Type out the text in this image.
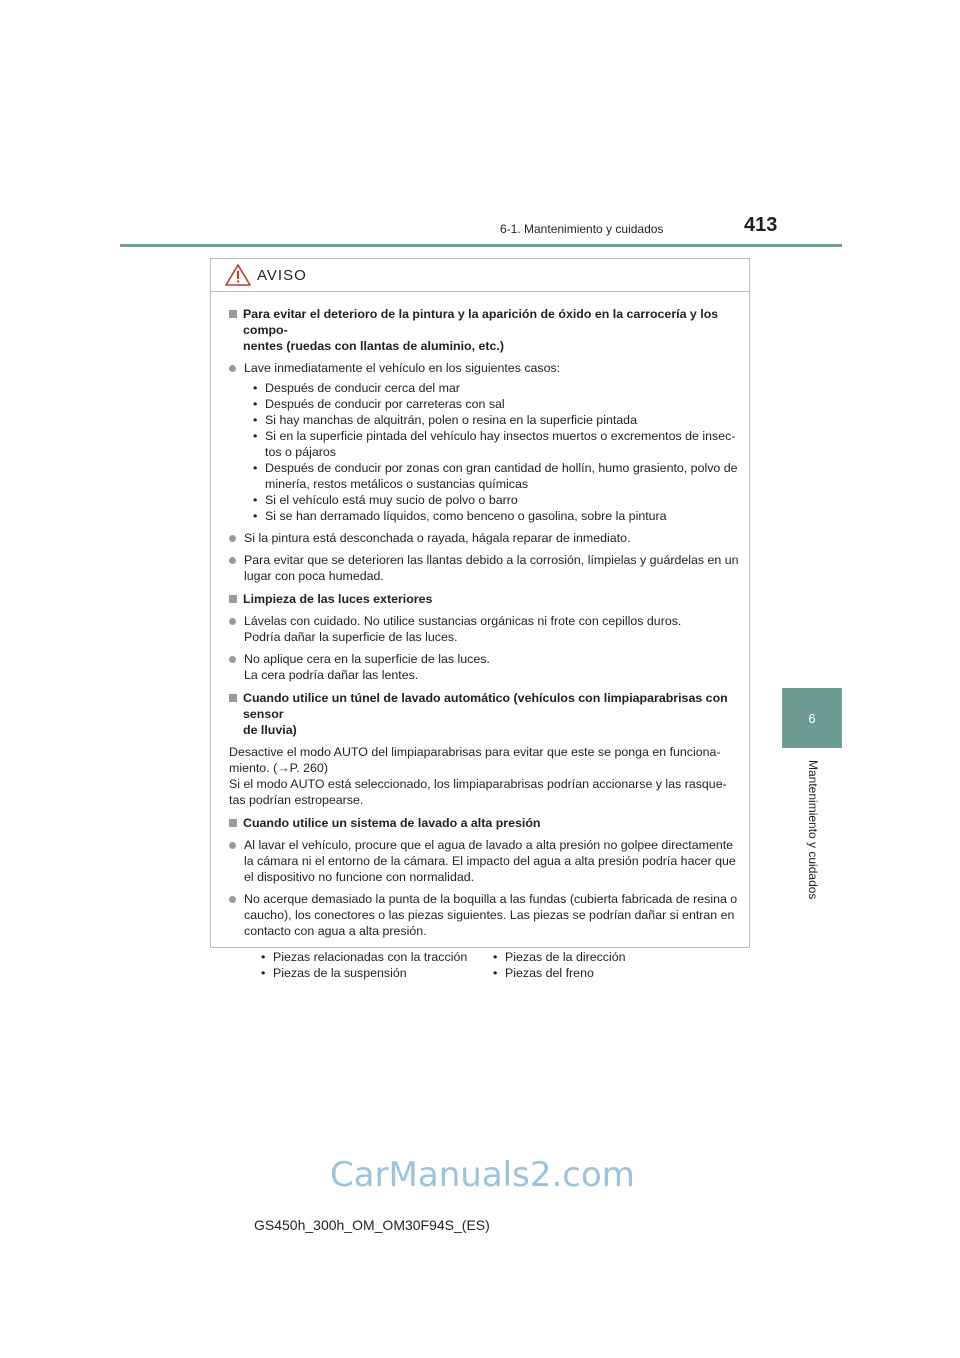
6-1. Mantenimiento y cuidados	413
6
Mantenimiento y cuidados
AVISO
Para evitar el deterioro de la pintura y la aparición de óxido en la carrocería y los compo-
nentes (ruedas con llantas de aluminio, etc.)
Lave inmediatamente el vehículo en los siguientes casos:
• Después de conducir cerca del mar
• Después de conducir por carreteras con sal
• Si hay manchas de alquitrán, polen o resina en la superficie pintada
• Si en la superficie pintada del vehículo hay insectos muertos o excrementos de insec-
tos o pájaros
• Después de conducir por zonas con gran cantidad de hollín, humo grasiento, polvo de
minería, restos metálicos o sustancias químicas
• Si el vehículo está muy sucio de polvo o barro
• Si se han derramado líquidos, como benceno o gasolina, sobre la pintura
Si la pintura está desconchada o rayada, hágala reparar de inmediato.
Para evitar que se deterioren las llantas debido a la corrosión, límpielas y guárdelas en un
lugar con poca humedad.
Limpieza de las luces exteriores
Lávelas con cuidado. No utilice sustancias orgánicas ni frote con cepillos duros.
Podría dañar la superficie de las luces.
No aplique cera en la superficie de las luces.
La cera podría dañar las lentes.
Cuando utilice un túnel de lavado automático (vehículos con limpiaparabrisas con sensor
de lluvia)
Desactive el modo AUTO del limpiaparabrisas para evitar que este se ponga en funciona-
miento. (→P. 260)
Si el modo AUTO está seleccionado, los limpiaparabrisas podrían accionarse y las rasque-
tas podrían estropearse.
Cuando utilice un sistema de lavado a alta presión
Al lavar el vehículo, procure que el agua de lavado a alta presión no golpee directamente
la cámara ni el entorno de la cámara. El impacto del agua a alta presión podría hacer que
el dispositivo no funcione con normalidad.
No acerque demasiado la punta de la boquilla a las fundas (cubierta fabricada de resina o
caucho), los conectores o las piezas siguientes. Las piezas se podrían dañar si entran en
contacto con agua a alta presión.
• Piezas relacionadas con la tracción
• Piezas de la suspensión
• Piezas de la dirección
• Piezas del freno
CarManuals2.com
GS450h_300h_OM_OM30F94S_(ES)
